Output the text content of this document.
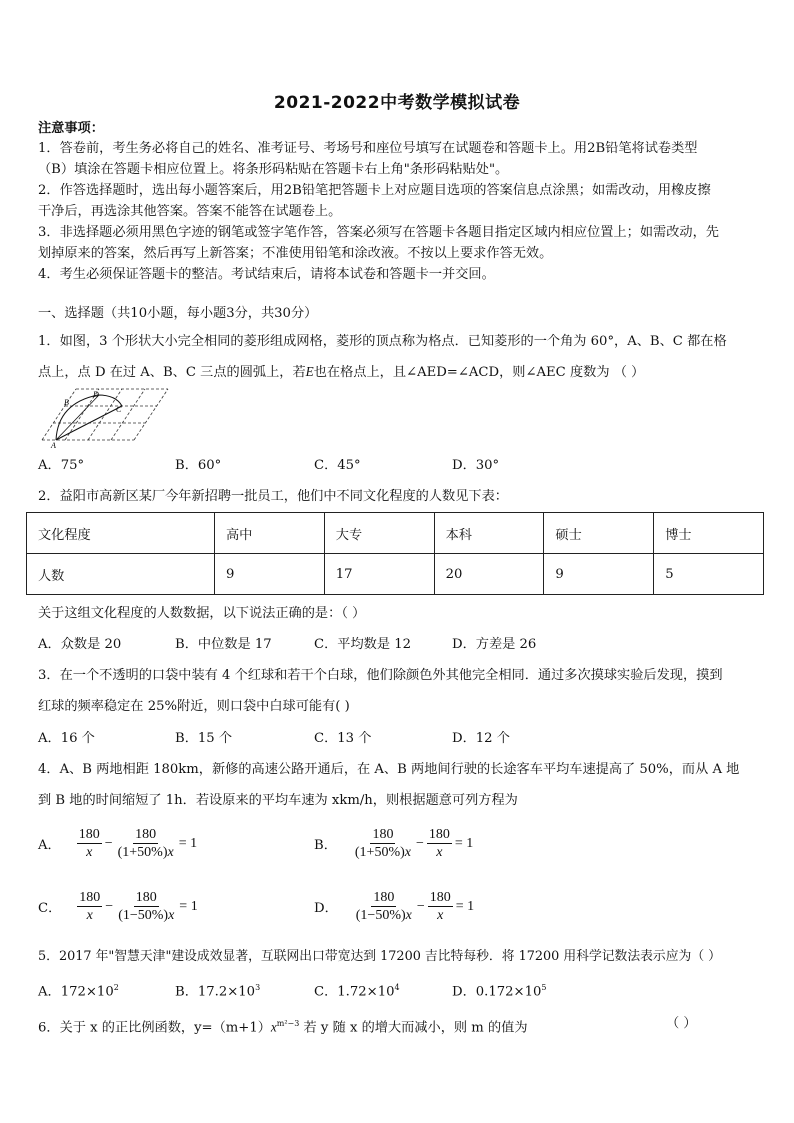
2021-2022中考数学模拟试卷
注意事项：
1．答卷前，考生务必将自己的姓名、准考证号、考场号和座位号填写在试题卷和答题卡上。用2B铅笔将试卷类型
（B）填涂在答题卡相应位置上。将条形码粘贴在答题卡右上角"条形码粘贴处"。
2．作答选择题时，选出每小题答案后，用2B铅笔把答题卡上对应题目选项的答案信息点涂黑；如需改动，用橡皮擦
干净后，再选涂其他答案。答案不能答在试题卷上。
3．非选择题必须用黑色字迹的钢笔或签字笔作答，答案必须写在答题卡各题目指定区域内相应位置上；如需改动，先
划掉原来的答案，然后再写上新答案；不准使用铅笔和涂改液。不按以上要求作答无效。
4．考生必须保证答题卡的整洁。考试结束后，请将本试卷和答题卡一并交回。
一、选择题（共10小题，每小题3分，共30分）
1．如图，3 个形状大小完全相同的菱形组成网格，菱形的顶点称为格点．已知菱形的一个角为 60°，A、B、C 都在格
点上，点 D 在过 A、B、C 三点的圆弧上，若E也在格点上，且∠AED=∠ACD，则∠AEC 度数为 （ ）
B
D
C
A
A．75°	B．60°	C．45°	D．30°
2．益阳市高新区某厂今年新招聘一批员工，他们中不同文化程度的人数见下表：
文化程度	高中	大专	本科	硕士	博士
人数	9	17	20	9	5
关于这组文化程度的人数数据，以下说法正确的是：（ ）
A．众数是 20	B．中位数是 17	C．平均数是 12	D．方差是 26
3．在一个不透明的口袋中装有 4 个红球和若干个白球，他们除颜色外其他完全相同．通过多次摸球实验后发现，摸到
红球的频率稳定在 25%附近，则口袋中白球可能有( )
A．16 个	B．15 个	C．13 个	D．12 个
4．A、B 两地相距 180km，新修的高速公路开通后，在 A、B 两地间行驶的长途客车平均车速提高了 50%，而从 A 地
到 B 地的时间缩短了 1h．若设原来的平均车速为 xkm/h，则根据题意可列方程为
A． $\frac{180}{x} - \frac{180}{(1+50\%)x} = 1$	B． $\frac{180}{(1+50\%)x} - \frac{180}{x} = 1$
C． $\frac{180}{x} - \frac{180}{(1-50\%)x} = 1$	D． $\frac{180}{(1-50\%)x} - \frac{180}{x} = 1$
5．2017 年"智慧天津"建设成效显著，互联网出口带宽达到 17200 吉比特每秒．将 17200 用科学记数法表示应为（ ）
A．$172\times 10^2$	B．$17.2\times 10^3$	C．$1.72\times 10^4$	D．$0.172\times 10^5$
6．关于 x 的正比例函数，$y=(m+1)x^{m^2-3}$ 若 y 随 x 的增大而减小，则 m 的值为	（ ）
